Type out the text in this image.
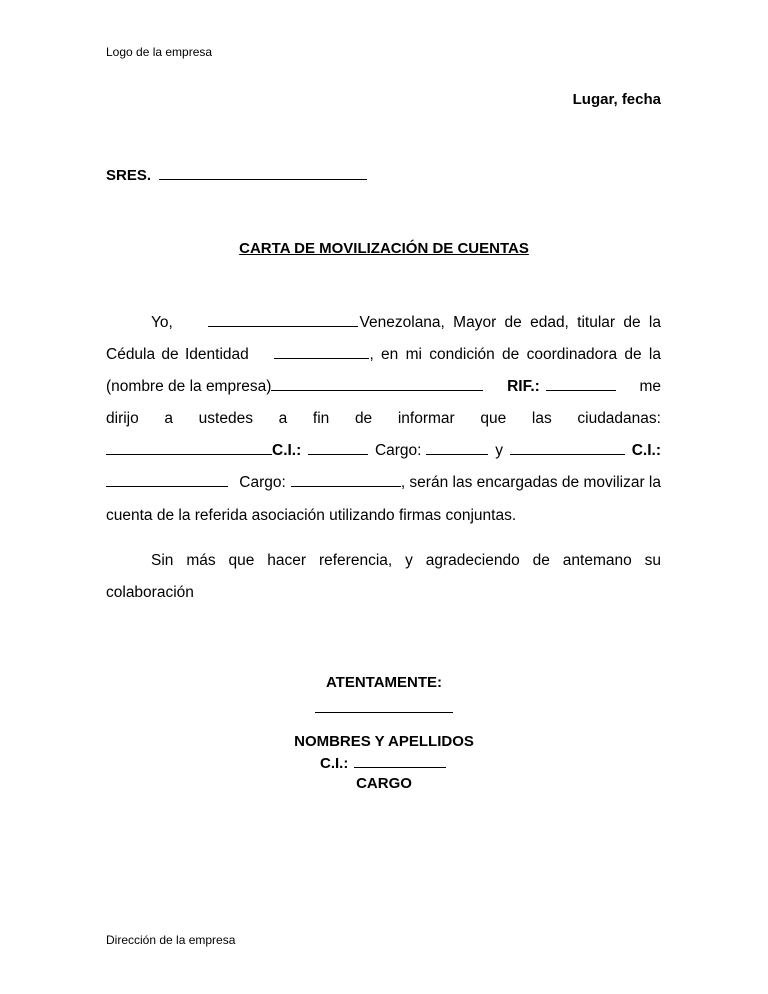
Logo de la empresa
Lugar, fecha
SRES.
CARTA DE MOVILIZACIÓN DE CUENTAS
Yo,	Venezolana, Mayor de edad, titular de la
Cédula de Identidad	, en mi condición de coordinadora de la
(nombre de la empresa)	RIF.:	me
dirijo a ustedes a fin de informar que las ciudadanas:
C.I.:	Cargo:	y	C.I.:
Cargo:	, serán las encargadas de movilizar la
cuenta de la referida asociación utilizando firmas conjuntas.
Sin más que hacer referencia, y agradeciendo de antemano su
colaboración
ATENTAMENTE:
NOMBRES Y APELLIDOS
C.I.:
CARGO
Dirección de la empresa
